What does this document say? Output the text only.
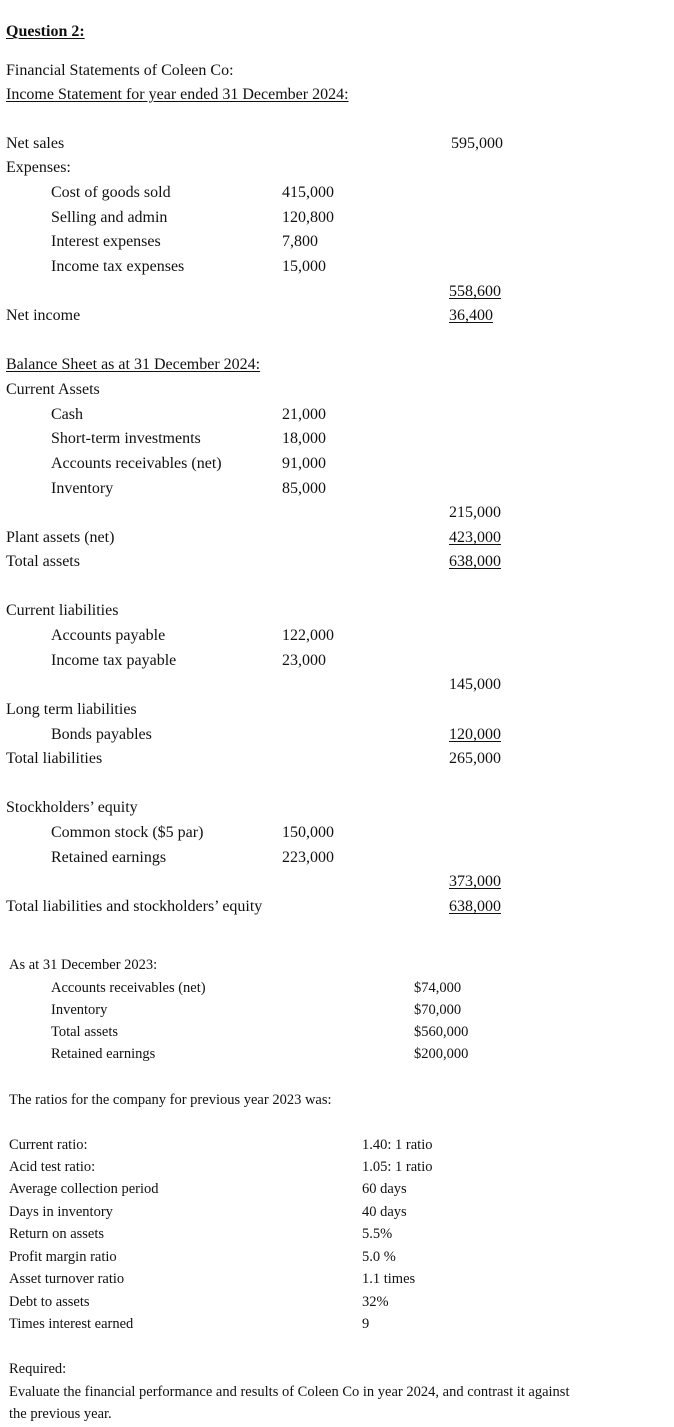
Question 2:
Financial Statements of Coleen Co:
Income Statement for year ended 31 December 2024:
Net sales	595,000
Expenses:
Cost of goods sold	415,000
Selling and admin	120,800
Interest expenses	7,800
Income tax expenses	15,000
558,600
Net income	36,400
Balance Sheet as at 31 December 2024:
Current Assets
Cash	21,000
Short-term investments	18,000
Accounts receivables (net)	91,000
Inventory	85,000
215,000
Plant assets (net)	423,000
Total assets	638,000
Current liabilities
Accounts payable	122,000
Income tax payable	23,000
145,000
Long term liabilities
Bonds payables	120,000
Total liabilities	265,000
Stockholders’ equity
Common stock ($5 par)	150,000
Retained earnings	223,000
373,000
Total liabilities and stockholders’ equity	638,000
As at 31 December 2023:
Accounts receivables (net)	$74,000
Inventory	$70,000
Total assets	$560,000
Retained earnings	$200,000
The ratios for the company for previous year 2023 was:
Current ratio:	1.40: 1 ratio
Acid test ratio:	1.05: 1 ratio
Average collection period	60 days
Days in inventory	40 days
Return on assets	5.5%
Profit margin ratio	5.0 %
Asset turnover ratio	1.1 times
Debt to assets	32%
Times interest earned	9
Required:
Evaluate the financial performance and results of Coleen Co in year 2024, and contrast it against
the previous year.
